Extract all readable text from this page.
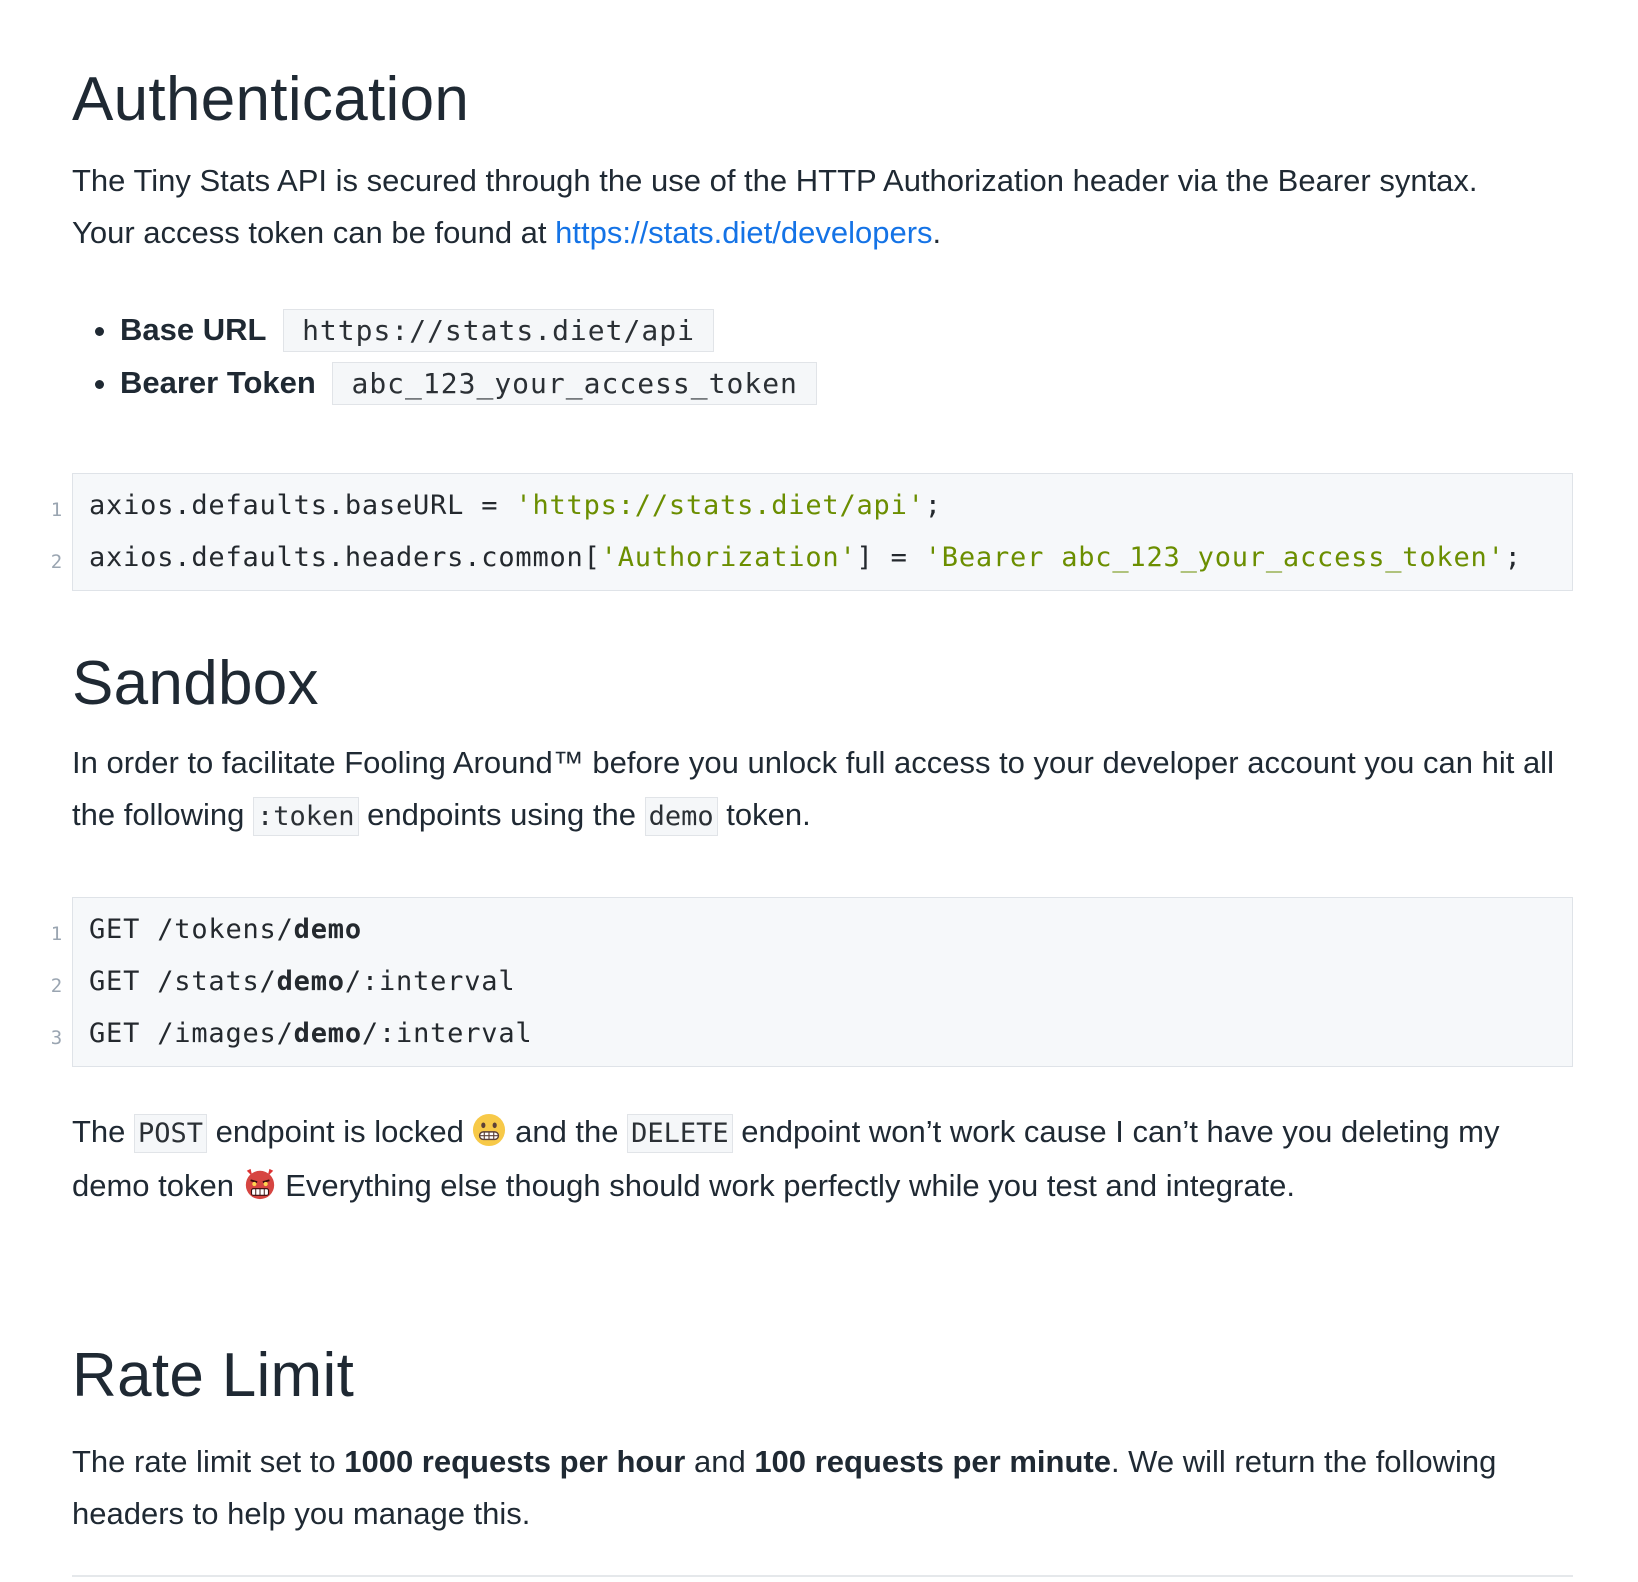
Authentication

The Tiny Stats API is secured through the use of the HTTP Authorization header via the Bearer syntax. Your access token can be found at https://stats.diet/developers.

• Base URL https://stats.diet/api
• Bearer Token abc_123_your_access_token
1 axios.defaults.baseURL = 'https://stats.diet/api';
2 axios.defaults.headers.common['Authorization'] = 'Bearer abc_123_your_access_token';
Sandbox

In order to facilitate Fooling Around™ before you unlock full access to your developer account you can hit all the following :token endpoints using the demo token.

1 GET /tokens/demo
2 GET /stats/demo/:interval
3 GET /images/demo/:interval

The POST endpoint is locked  and the DELETE endpoint won’t work cause I can’t have you deleting my demo token  Everything else though should work perfectly while you test and integrate.

Rate Limit

The rate limit set to 1000 requests per hour and 100 requests per minute. We will return the following headers to help you manage this.
